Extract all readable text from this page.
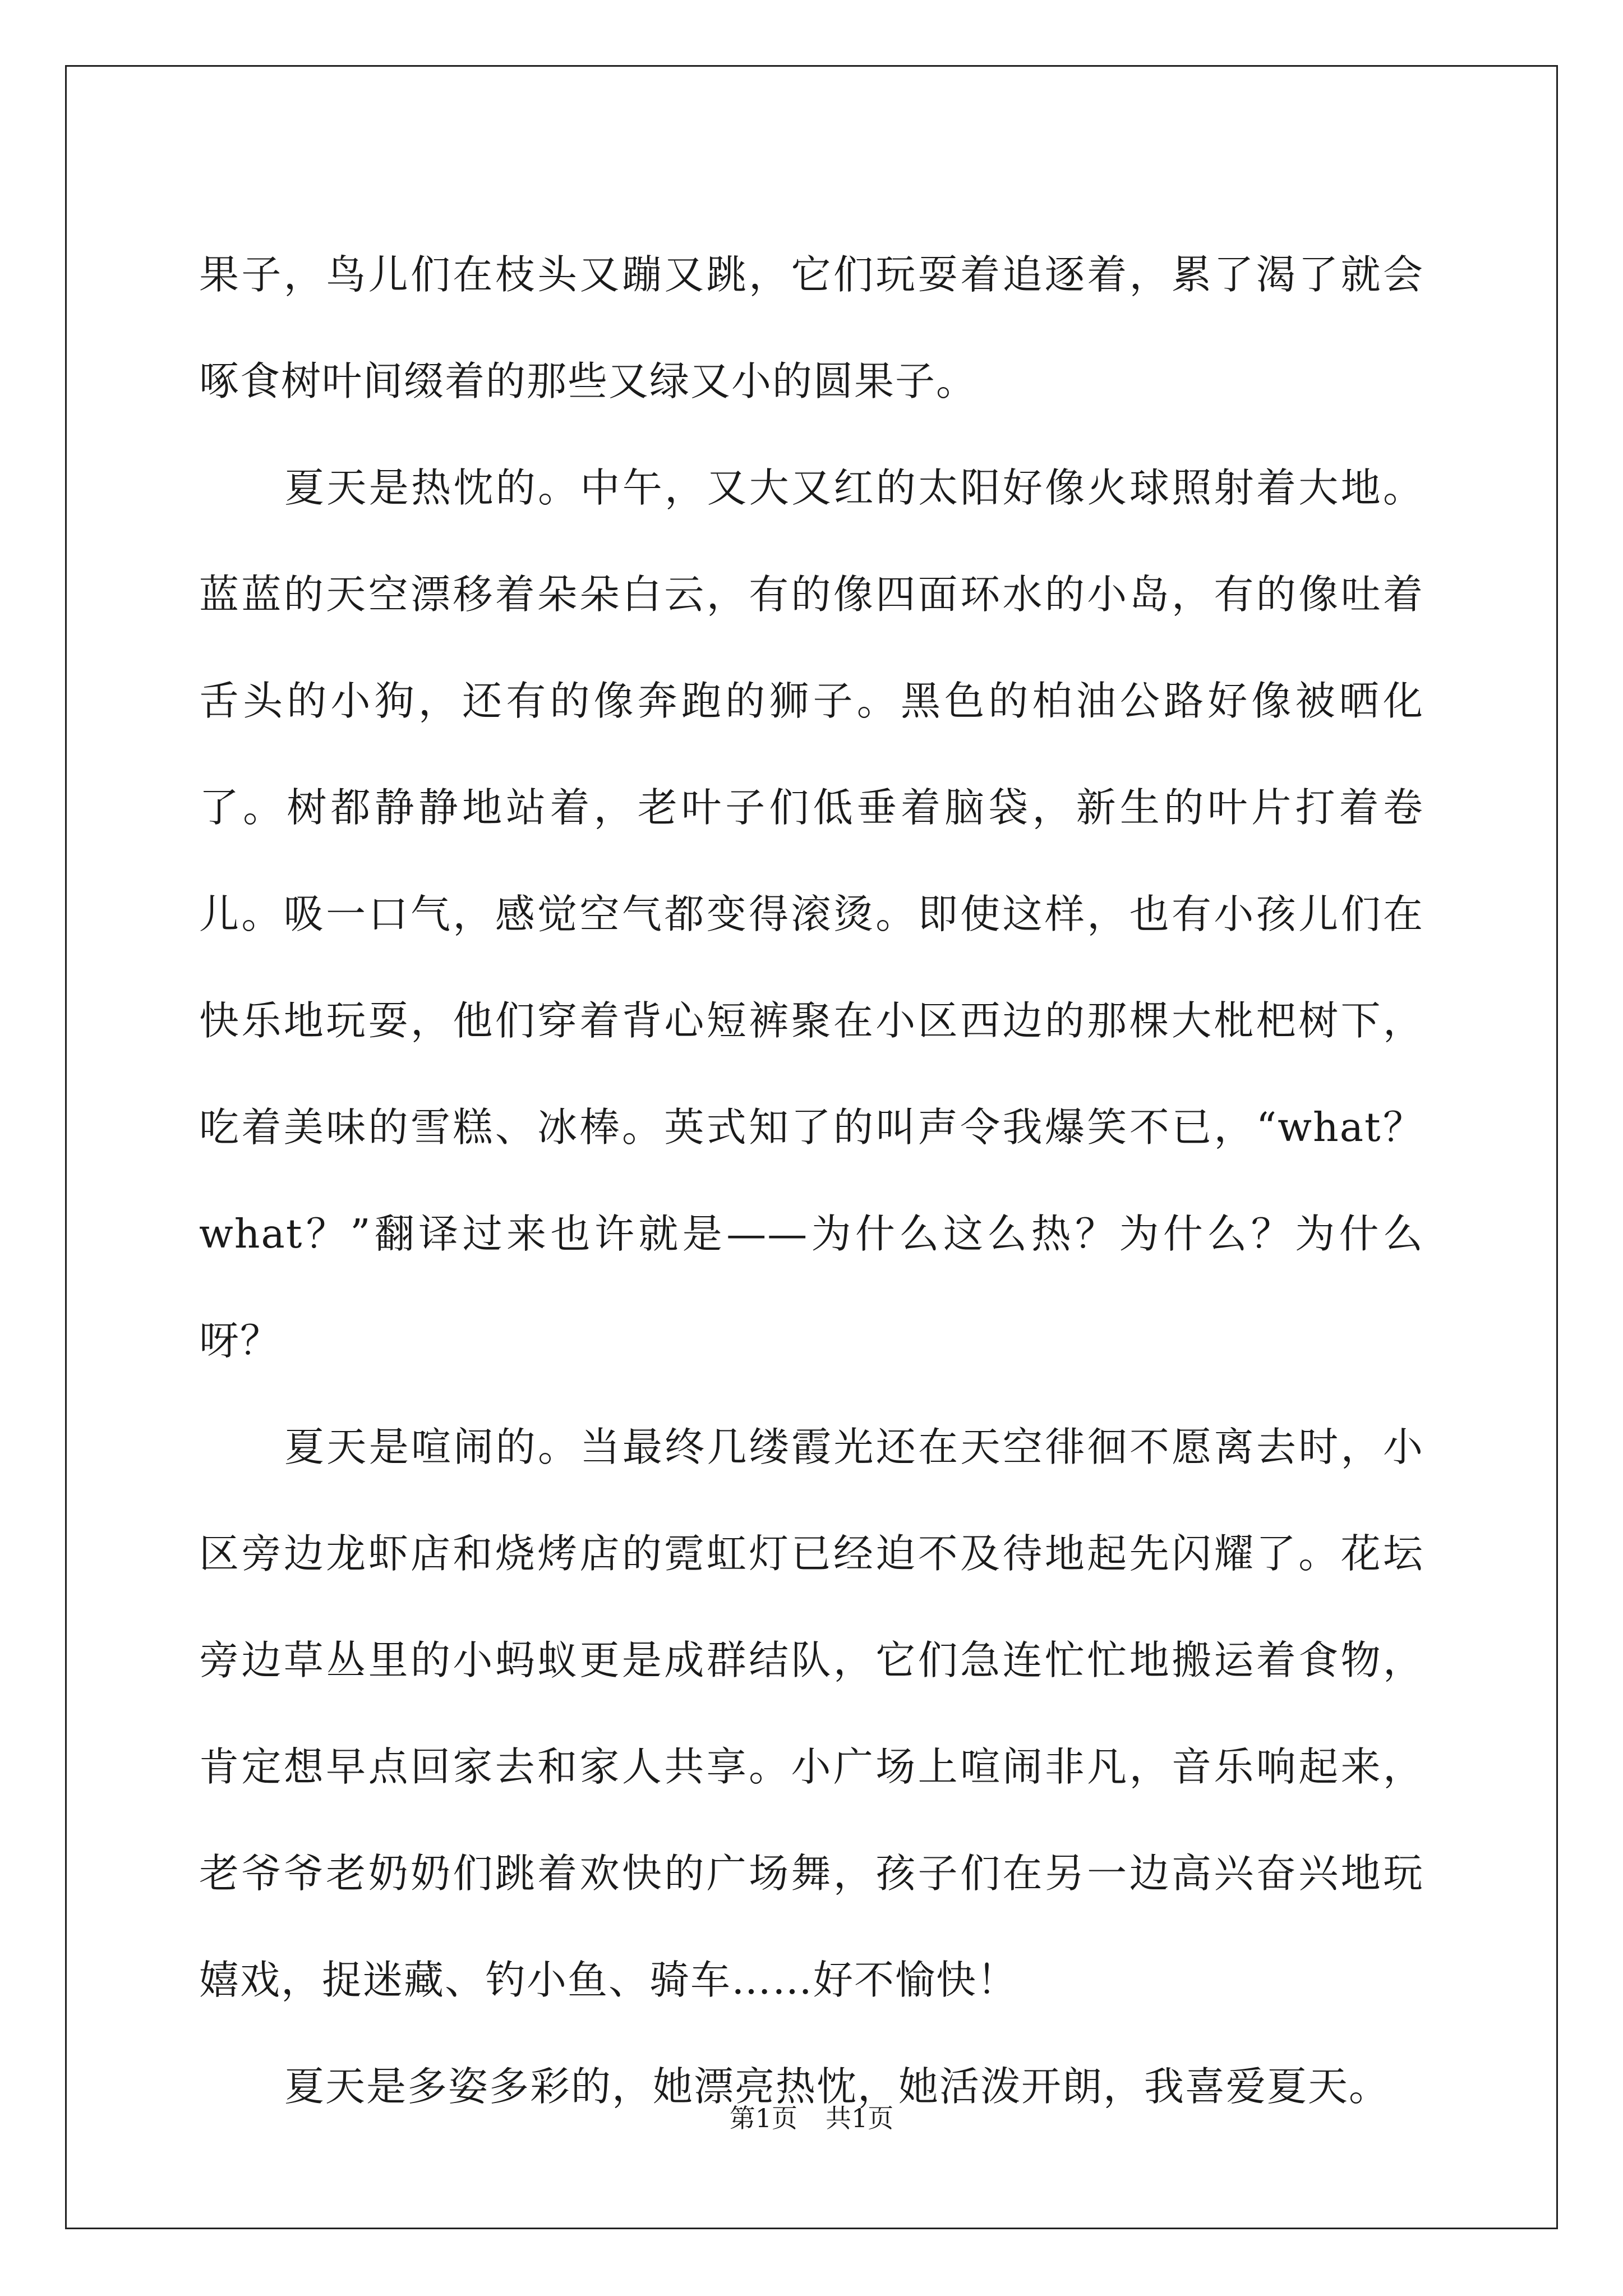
果子，鸟儿们在枝头又蹦又跳，它们玩耍着追逐着，累了渴了就会啄食树叶间缀着的那些又绿又小的圆果子。

夏天是热忱的。中午，又大又红的太阳好像火球照射着大地。蓝蓝的天空漂移着朵朵白云，有的像四面环水的小岛，有的像吐着舌头的小狗，还有的像奔跑的狮子。黑色的柏油公路好像被晒化了。树都静静地站着，老叶子们低垂着脑袋，新生的叶片打着卷儿。吸一口气，感觉空气都变得滚烫。即使这样，也有小孩儿们在快乐地玩耍，他们穿着背心短裤聚在小区西边的那棵大枇杷树下，吃着美味的雪糕、冰棒。英式知了的叫声令我爆笑不已，“what？what？”翻译过来也许就是——为什么这么热？为什么？为什么呀？

夏天是喧闹的。当最终几缕霞光还在天空徘徊不愿离去时，小区旁边龙虾店和烧烤店的霓虹灯已经迫不及待地起先闪耀了。花坛旁边草丛里的小蚂蚁更是成群结队，它们急连忙忙地搬运着食物，肯定想早点回家去和家人共享。小广场上喧闹非凡，音乐响起来，老爷爷老奶奶们跳着欢快的广场舞，孩子们在另一边高兴奋兴地玩嬉戏，捉迷藏、钓小鱼、骑车……好不愉快！

夏天是多姿多彩的，她漂亮热忱，她活泼开朗，我喜爱夏天。

第1页 共1页
